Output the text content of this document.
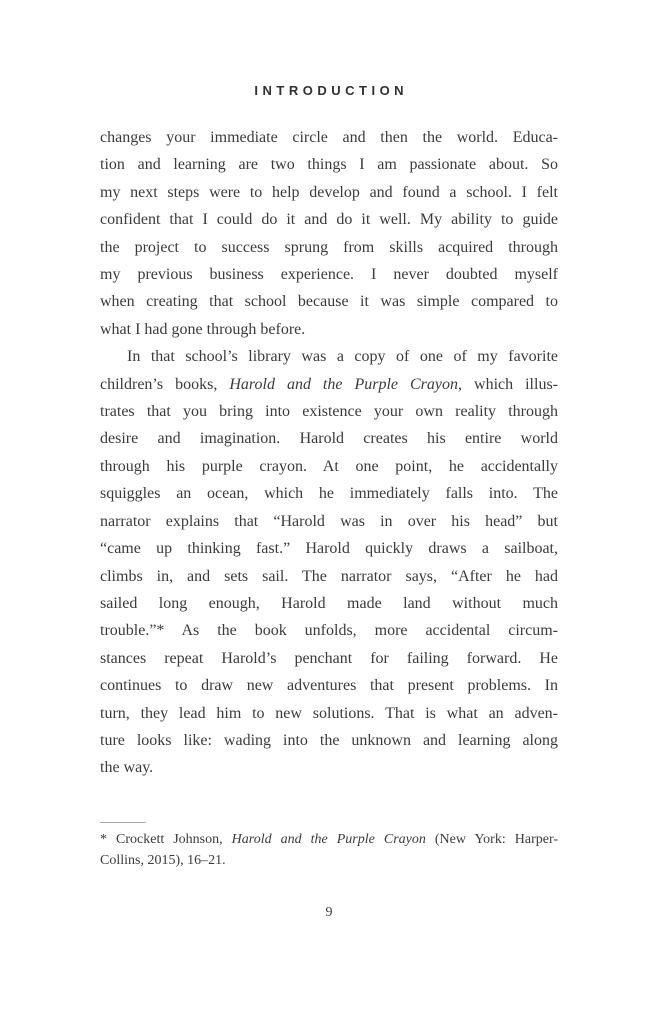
INTRODUCTION
changes your immediate circle and then the world. Educa-
tion and learning are two things I am passionate about. So
my next steps were to help develop and found a school. I felt
confident that I could do it and do it well. My ability to guide
the project to success sprung from skills acquired through
my previous business experience. I never doubted myself
when creating that school because it was simple compared to
what I had gone through before.
In that school’s library was a copy of one of my favorite
children’s books, Harold and the Purple Crayon, which illus-
trates that you bring into existence your own reality through
desire and imagination. Harold creates his entire world
through his purple crayon. At one point, he accidentally
squiggles an ocean, which he immediately falls into. The
narrator explains that “Harold was in over his head” but
“came up thinking fast.” Harold quickly draws a sailboat,
climbs in, and sets sail. The narrator says, “After he had
sailed long enough, Harold made land without much
trouble.”* As the book unfolds, more accidental circum-
stances repeat Harold’s penchant for failing forward. He
continues to draw new adventures that present problems. In
turn, they lead him to new solutions. That is what an adven-
ture looks like: wading into the unknown and learning along
the way.
* Crockett Johnson, Harold and the Purple Crayon (New York: Harper-
Collins, 2015), 16–21.
9
